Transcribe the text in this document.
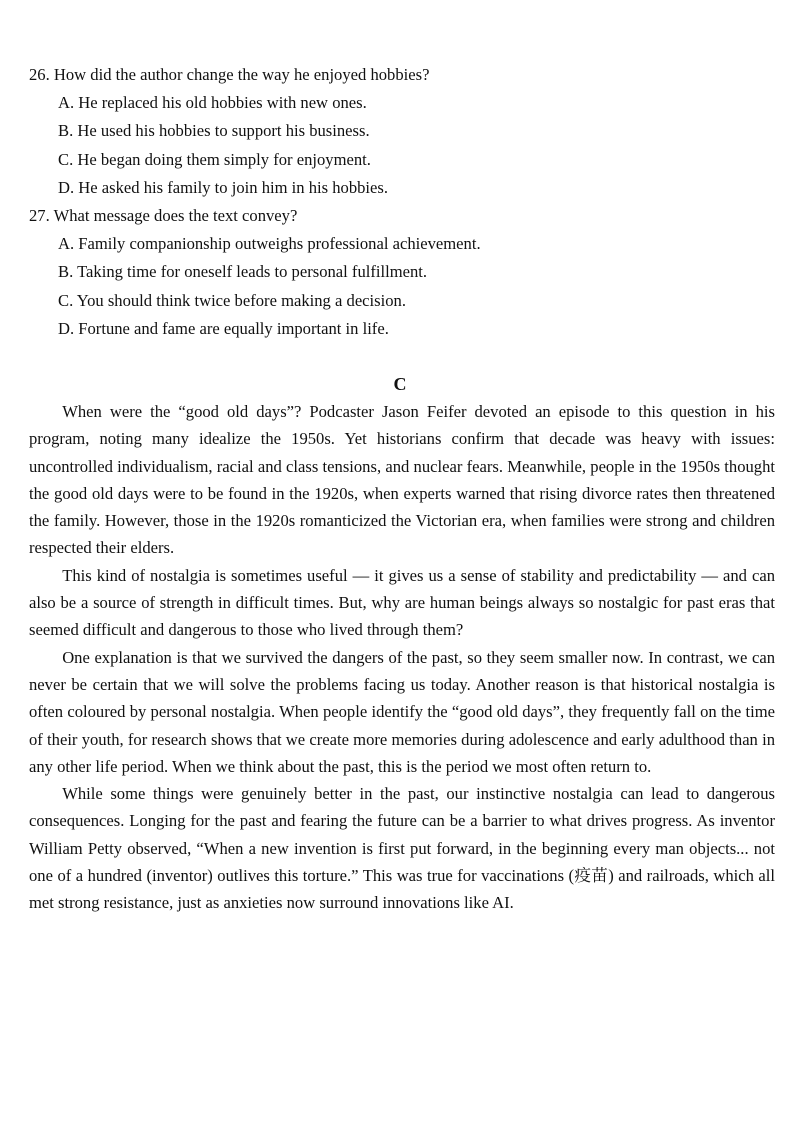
26. How did the author change the way he enjoyed hobbies?
A. He replaced his old hobbies with new ones.
B. He used his hobbies to support his business.
C. He began doing them simply for enjoyment.
D. He asked his family to join him in his hobbies.
27. What message does the text convey?
A. Family companionship outweighs professional achievement.
B. Taking time for oneself leads to personal fulfillment.
C. You should think twice before making a decision.
D. Fortune and fame are equally important in life.
C

When were the “good old days”? Podcaster Jason Feifer devoted an episode to this question in his program, noting many idealize the 1950s. Yet historians confirm that decade was heavy with issues: uncontrolled individualism, racial and class tensions, and nuclear fears. Meanwhile, people in the 1950s thought the good old days were to be found in the 1920s, when experts warned that rising divorce rates then threatened the family. However, those in the 1920s romanticized the Victorian era, when families were strong and children respected their elders.

This kind of nostalgia is sometimes useful — it gives us a sense of stability and predictability — and can also be a source of strength in difficult times. But, why are human beings always so nostalgic for past eras that seemed difficult and dangerous to those who lived through them?

One explanation is that we survived the dangers of the past, so they seem smaller now. In contrast, we can never be certain that we will solve the problems facing us today. Another reason is that historical nostalgia is often coloured by personal nostalgia. When people identify the “good old days”, they frequently fall on the time of their youth, for research shows that we create more memories during adolescence and early adulthood than in any other life period. When we think about the past, this is the period we most often return to.

While some things were genuinely better in the past, our instinctive nostalgia can lead to dangerous consequences. Longing for the past and fearing the future can be a barrier to what drives progress. As inventor William Petty observed, “When a new invention is first put forward, in the beginning every man objects... not one of a hundred (inventor) outlives this torture.” This was true for vaccinations (疫苗) and railroads, which all met strong resistance, just as anxieties now surround innovations like AI.
